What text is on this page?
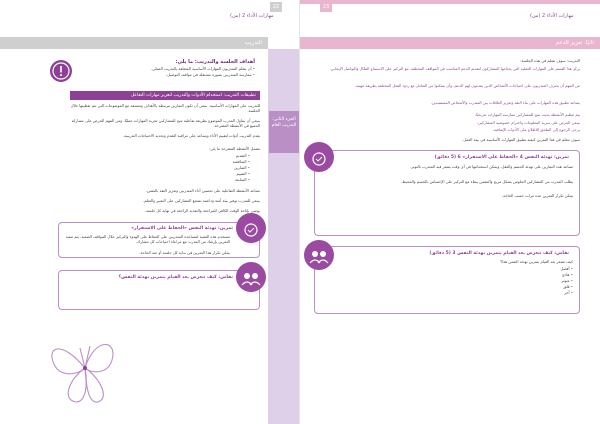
22
مهارات الأداء 2 (من)
التدريب
الجزء الثاني: التدريب العام
أهداف الجلسة والتدريب: ما يلي:
• أن يتعلم المتدربون المهارات الأساسية المتعلقة بالتدريب العملي.
• ممارسة المتدربين بصورة مستقلة في مواقف التوصيل.
تطبيقات التدريب: استخدام الأدوات والتدريب لتعزيز مهارات التفاعل
للتدريب على المهارات الأساسية، ينبغي أن تكون التمارين مرتبطة بالأهداف ومتسقة مع الموضوعات التي تتم تغطيتها خلال الجلسة.
ينبغي أن يتناول المدرب الموضوع بطريقة تفاعلية تتيح للمشاركين تجربة المهارات عمليًا، ومن المهم الحرص على مشاركة الجميع في الأنشطة المقترحة.
يقدم التدريب أدوات لتقييم الأداء ويساعد على مراقبة التقدم وتحديد الاحتياجات التدريبية.
تشمل الأنشطة المقترحة ما يلي:
• التقديم
• المناقشة
• التمارين
• التقييم
• المتابعة
تساعد الأنشطة التفاعلية على تحسين أداء المتدربين وتعزيز الثقة بالنفس.
ينبغي للمدرب توفير بيئة آمنة وداعمة تشجع المشاركين على التعبير والتعلم.
يوصى بإتاحة الوقت الكافي للمراجعة والتغذية الراجعة في نهاية كل جلسة.
تمرين: تهدئة النفس «الحفاظ على الاستقرار»
تستخدم هذه التقنية لمساعدة المتدربين على الحفاظ على الهدوء والتركيز خلال المواقف الصعبة. يتم تنفيذ التمرين بإرشاد من المدرب مع مراعاة احتياجات كل مشارك.
يمكن تكرار هذا التمرين في بداية كل جلسة أو عند الحاجة.
نقاش: كيف تتعرض بعد القيام بتمرين تهدئة النفس؟
23
مهارات الأداء 2 (من)
ثانيًا: تعزيز الدعم
التدريب: سوف تتعلم في هذه الجلسة:
يركز هذا القسم على المهارات العملية التي يحتاجها المشاركون لتقديم الدعم المناسب في المواقف المختلفة، مع التركيز على الاستماع الفعّال والتواصل الإيجابي.
من المهم أن يتعرف المتدربون على احتياجات الأشخاص الذين يقدمون لهم الدعم، وأن يتمكنوا من التعامل مع ردود الفعل المختلفة بطريقة مهنية.
يساعد تطبيق هذه المهارات على بناء الثقة وتعزيز العلاقات بين المتدرب والأشخاص المستفيدين.
يتم تنظيم الأنشطة بحيث تتيح للمشاركين ممارسة المهارات تدريجيًا.
ينبغي الحرص على سرية المعلومات واحترام خصوصية المشاركين.
يرجى الرجوع إلى الملحق للاطلاع على الأدوات الإضافية.
سوف تتعلم في هذا التمرين كيفية تطبيق المهارات الأساسية في بيئة العمل.
تمرين: تهدئة النفس 4 «الحفاظ على الاستقرار» 6 (5 دقائق)
تساعد هذه التمارين على تهدئة الجسم والعقل، ويمكن استخدامها في أي وقت يشعر فيه المتدرب بالتوتر.
يطلب المدرب من المشاركين الجلوس بشكل مريح والتنفس ببطء مع التركيز على الإحساس بالجسم والمحيط.
يمكن تكرار التمرين عدة مرات حسب الحاجة.
نقاش: كيف تتعرض بعد القيام بتمرين تهدئة النفس 3 (5 دقائق)
كيف تشعر بعد القيام بتمرين تهدئة النفس هذا؟
• أفضل
• هادئ
• متوتر
• قلق
• آخر
